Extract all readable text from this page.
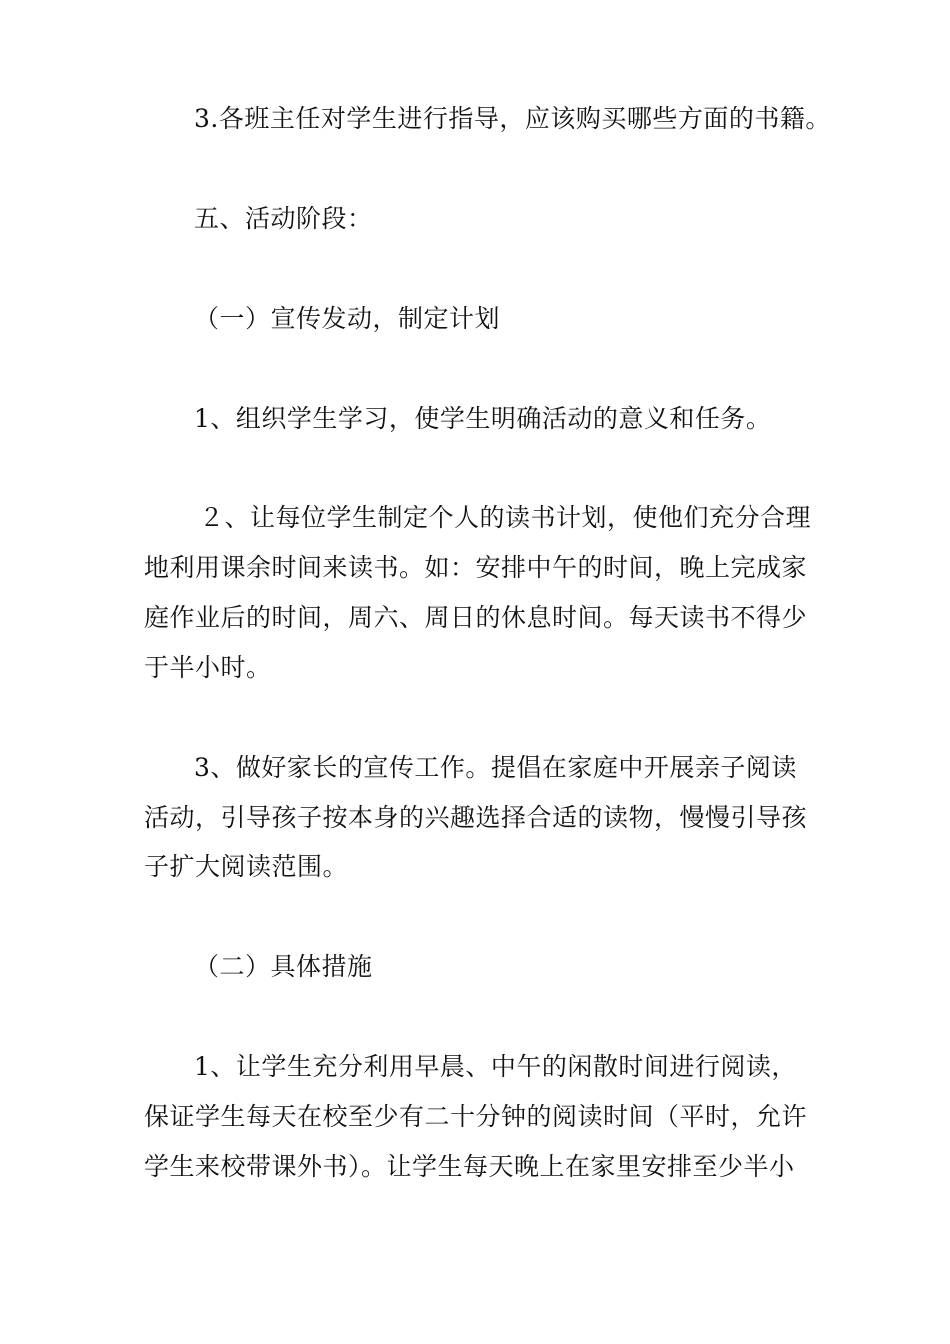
3.各班主任对学生进行指导，应该购买哪些方面的书籍。
五、活动阶段：
（一）宣传发动，制定计划
1、组织学生学习，使学生明确活动的意义和任务。
２、让每位学生制定个人的读书计划，使他们充分合理
地利用课余时间来读书。如：安排中午的时间，晚上完成家
庭作业后的时间，周六、周日的休息时间。每天读书不得少
于半小时。
3、做好家长的宣传工作。提倡在家庭中开展亲子阅读
活动，引导孩子按本身的兴趣选择合适的读物，慢慢引导孩
子扩大阅读范围。
（二）具体措施
1、让学生充分利用早晨、中午的闲散时间进行阅读，
保证学生每天在校至少有二十分钟的阅读时间（平时，允许
学生来校带课外书）。让学生每天晚上在家里安排至少半小
